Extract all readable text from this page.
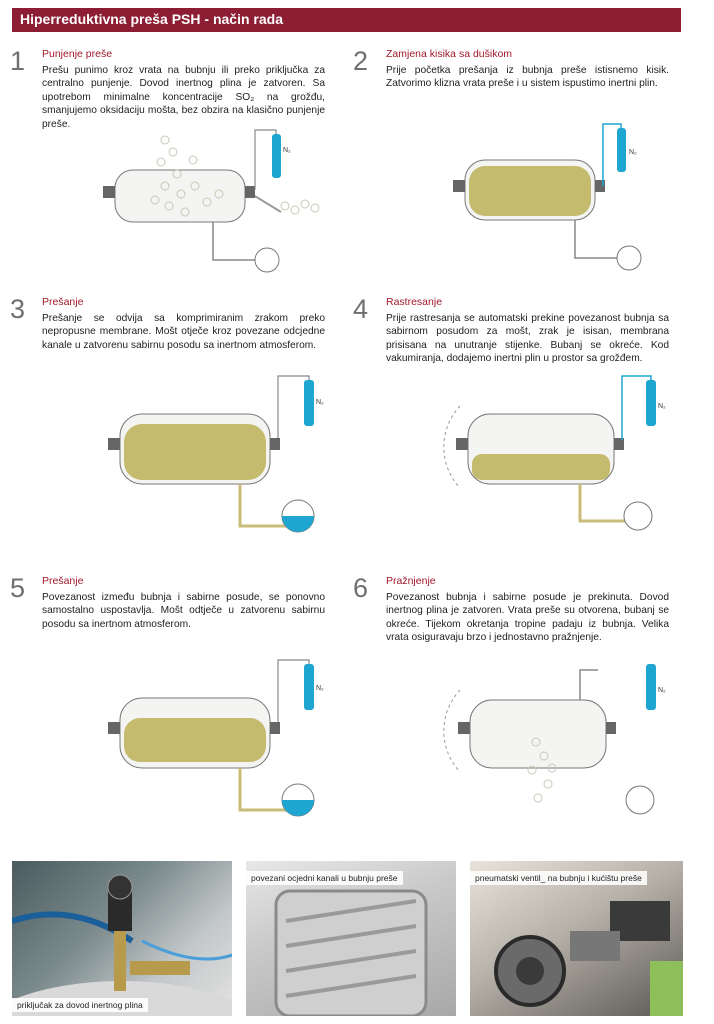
Hiperreduktivna preša PSH - način rada
1 Punjenje preše
Prešu punimo kroz vrata na bubnju ili preko priključka za centralno punjenje. Dovod inertnog plina je zatvoren. Sa upotrebom minimalne koncentracije SO₂ na grožđu, smanjujemo oksidaciju mošta, bez obzira na klasično punjenje preše.
N₂
2 Zamjena kisika sa dušikom
Prije početka prešanja iz bubnja preše istisnemo kisik. Zatvorimo klizna vrata preše i u sistem ispustimo inertni plin.
N₂
3 Prešanje
Prešanje se odvija sa komprimiranim zrakom preko nepropusne membrane. Mošt otječe kroz povezane odcjedne kanale u zatvorenu sabirnu posodu sa inertnom atmosferom.
N₂
4 Rastresanje
Prije rastresanja se automatski prekine povezanost bubnja sa sabirnom posudom za mošt, zrak je isisan, membrana prisisana na unutranje stijenke. Bubanj se okreće. Kod vakumiranja, dodajemo inertni plin u prostor sa grožđem.
N₂
5 Prešanje
Povezanost između bubnja i sabirne posude, se ponovno samostalno uspostavlja. Mošt odtječe u zatvorenu sabirnu posodu sa inertnom atmosferom.
N₂
6 Pražnjenje
Povezanost bubnja i sabirne posude je prekinuta. Dovod inertnog plina je zatvoren. Vrata preše su otvorena, bubanj se okreće. Tijekom okretanja tropine padaju iz bubnja. Velika vrata osiguravaju brzo i jednostavno pražnjenje.
N₂
priključak za dovod inertnog plina
povezani ocjedni kanali u bubnju preše	pneumatski ventil_ na bubnju i kućištu preše
